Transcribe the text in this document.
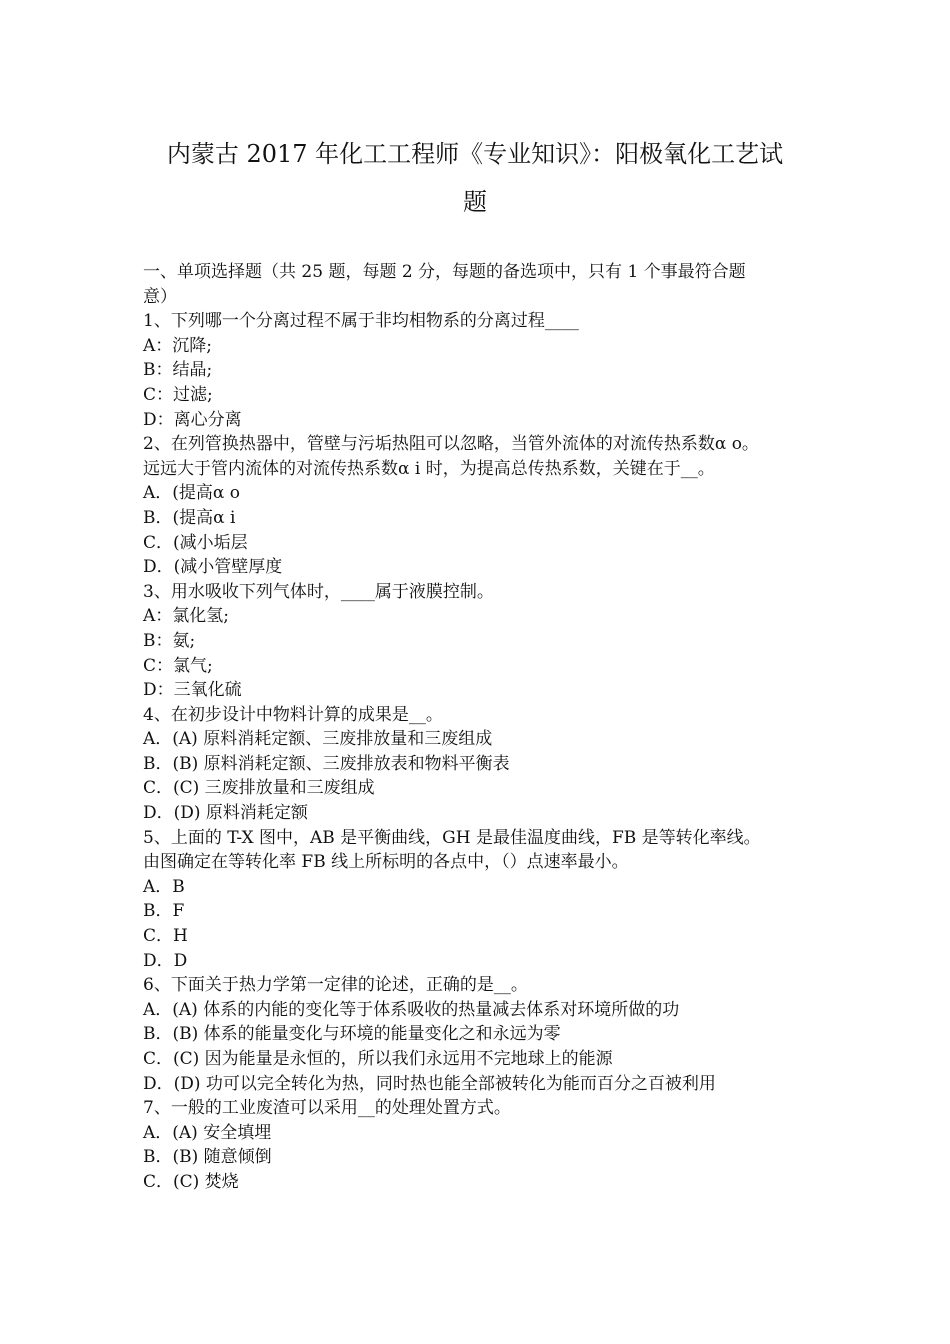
内蒙古 2017 年化工工程师《专业知识》：阳极氧化工艺试
题
一、单项选择题（共 25 题，每题 2 分，每题的备选项中，只有 1 个事最符合题
意）
1、下列哪一个分离过程不属于非均相物系的分离过程____
A：沉降;
B：结晶;
C：过滤;
D：离心分离
2、在列管换热器中，管壁与污垢热阻可以忽略，当管外流体的对流传热系数α o。
远远大于管内流体的对流传热系数α i 时，为提高总传热系数，关键在于__。
A．(提高α o
B．(提高α i
C．(减小垢层
D．(减小管壁厚度
3、用水吸收下列气体时，____属于液膜控制。
A：氯化氢;
B：氨;
C：氯气;
D：三氧化硫
4、在初步设计中物料计算的成果是__。
A．(A) 原料消耗定额、三废排放量和三废组成
B．(B) 原料消耗定额、三废排放表和物料平衡表
C．(C) 三废排放量和三废组成
D．(D) 原料消耗定额
5、上面的 T-X 图中，AB 是平衡曲线，GH 是最佳温度曲线，FB 是等转化率线。
由图确定在等转化率 FB 线上所标明的各点中，（）点速率最小。
A．B
B．F
C．H
D．D
6、下面关于热力学第一定律的论述，正确的是__。
A．(A) 体系的内能的变化等于体系吸收的热量减去体系对环境所做的功
B．(B) 体系的能量变化与环境的能量变化之和永远为零
C．(C) 因为能量是永恒的，所以我们永远用不完地球上的能源
D．(D) 功可以完全转化为热，同时热也能全部被转化为能而百分之百被利用
7、一般的工业废渣可以采用__的处理处置方式。
A．(A) 安全填埋
B．(B) 随意倾倒
C．(C) 焚烧
